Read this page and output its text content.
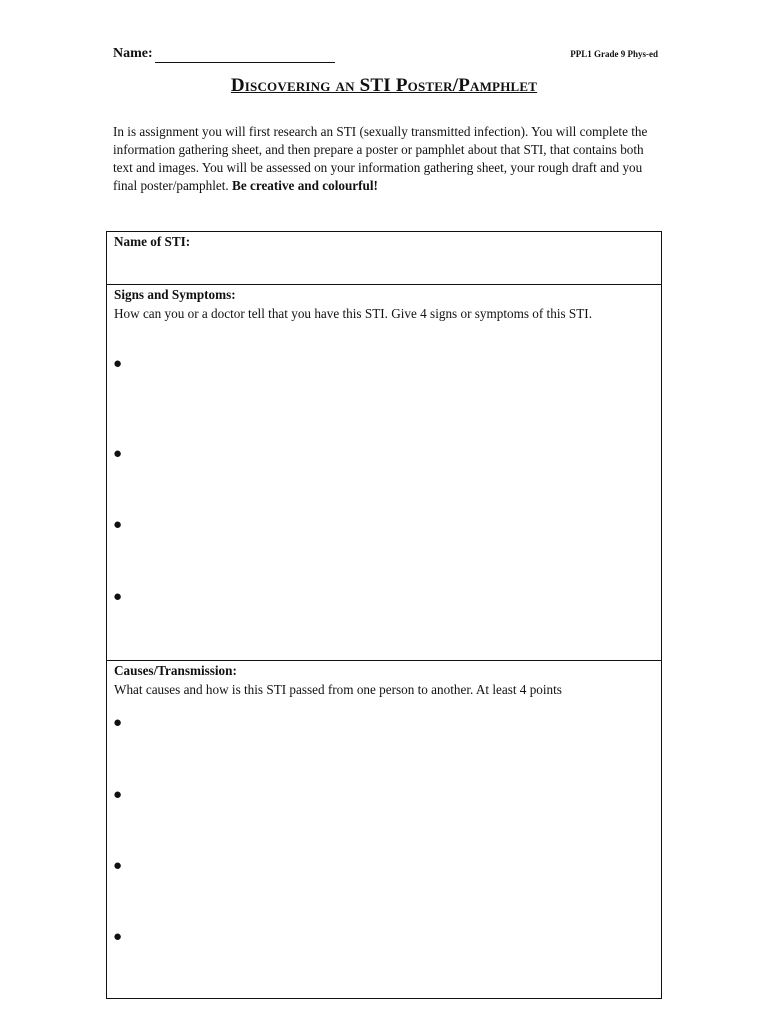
Name:	PPL1 Grade 9 Phys-ed
Discovering an STI Poster/Pamphlet
In is assignment you will first research an STI (sexually transmitted infection). You will complete the information gathering sheet, and then prepare a poster or pamphlet about that STI, that contains both text and images. You will be assessed on your information gathering sheet, your rough draft and you final poster/pamphlet. Be creative and colourful!
Name of STI:
Signs and Symptoms:
How can you or a doctor tell that you have this STI. Give 4 signs or symptoms of this STI.
●
●
●
●
Causes/Transmission:
What causes and how is this STI passed from one person to another. At least 4 points
●
●
●
●
